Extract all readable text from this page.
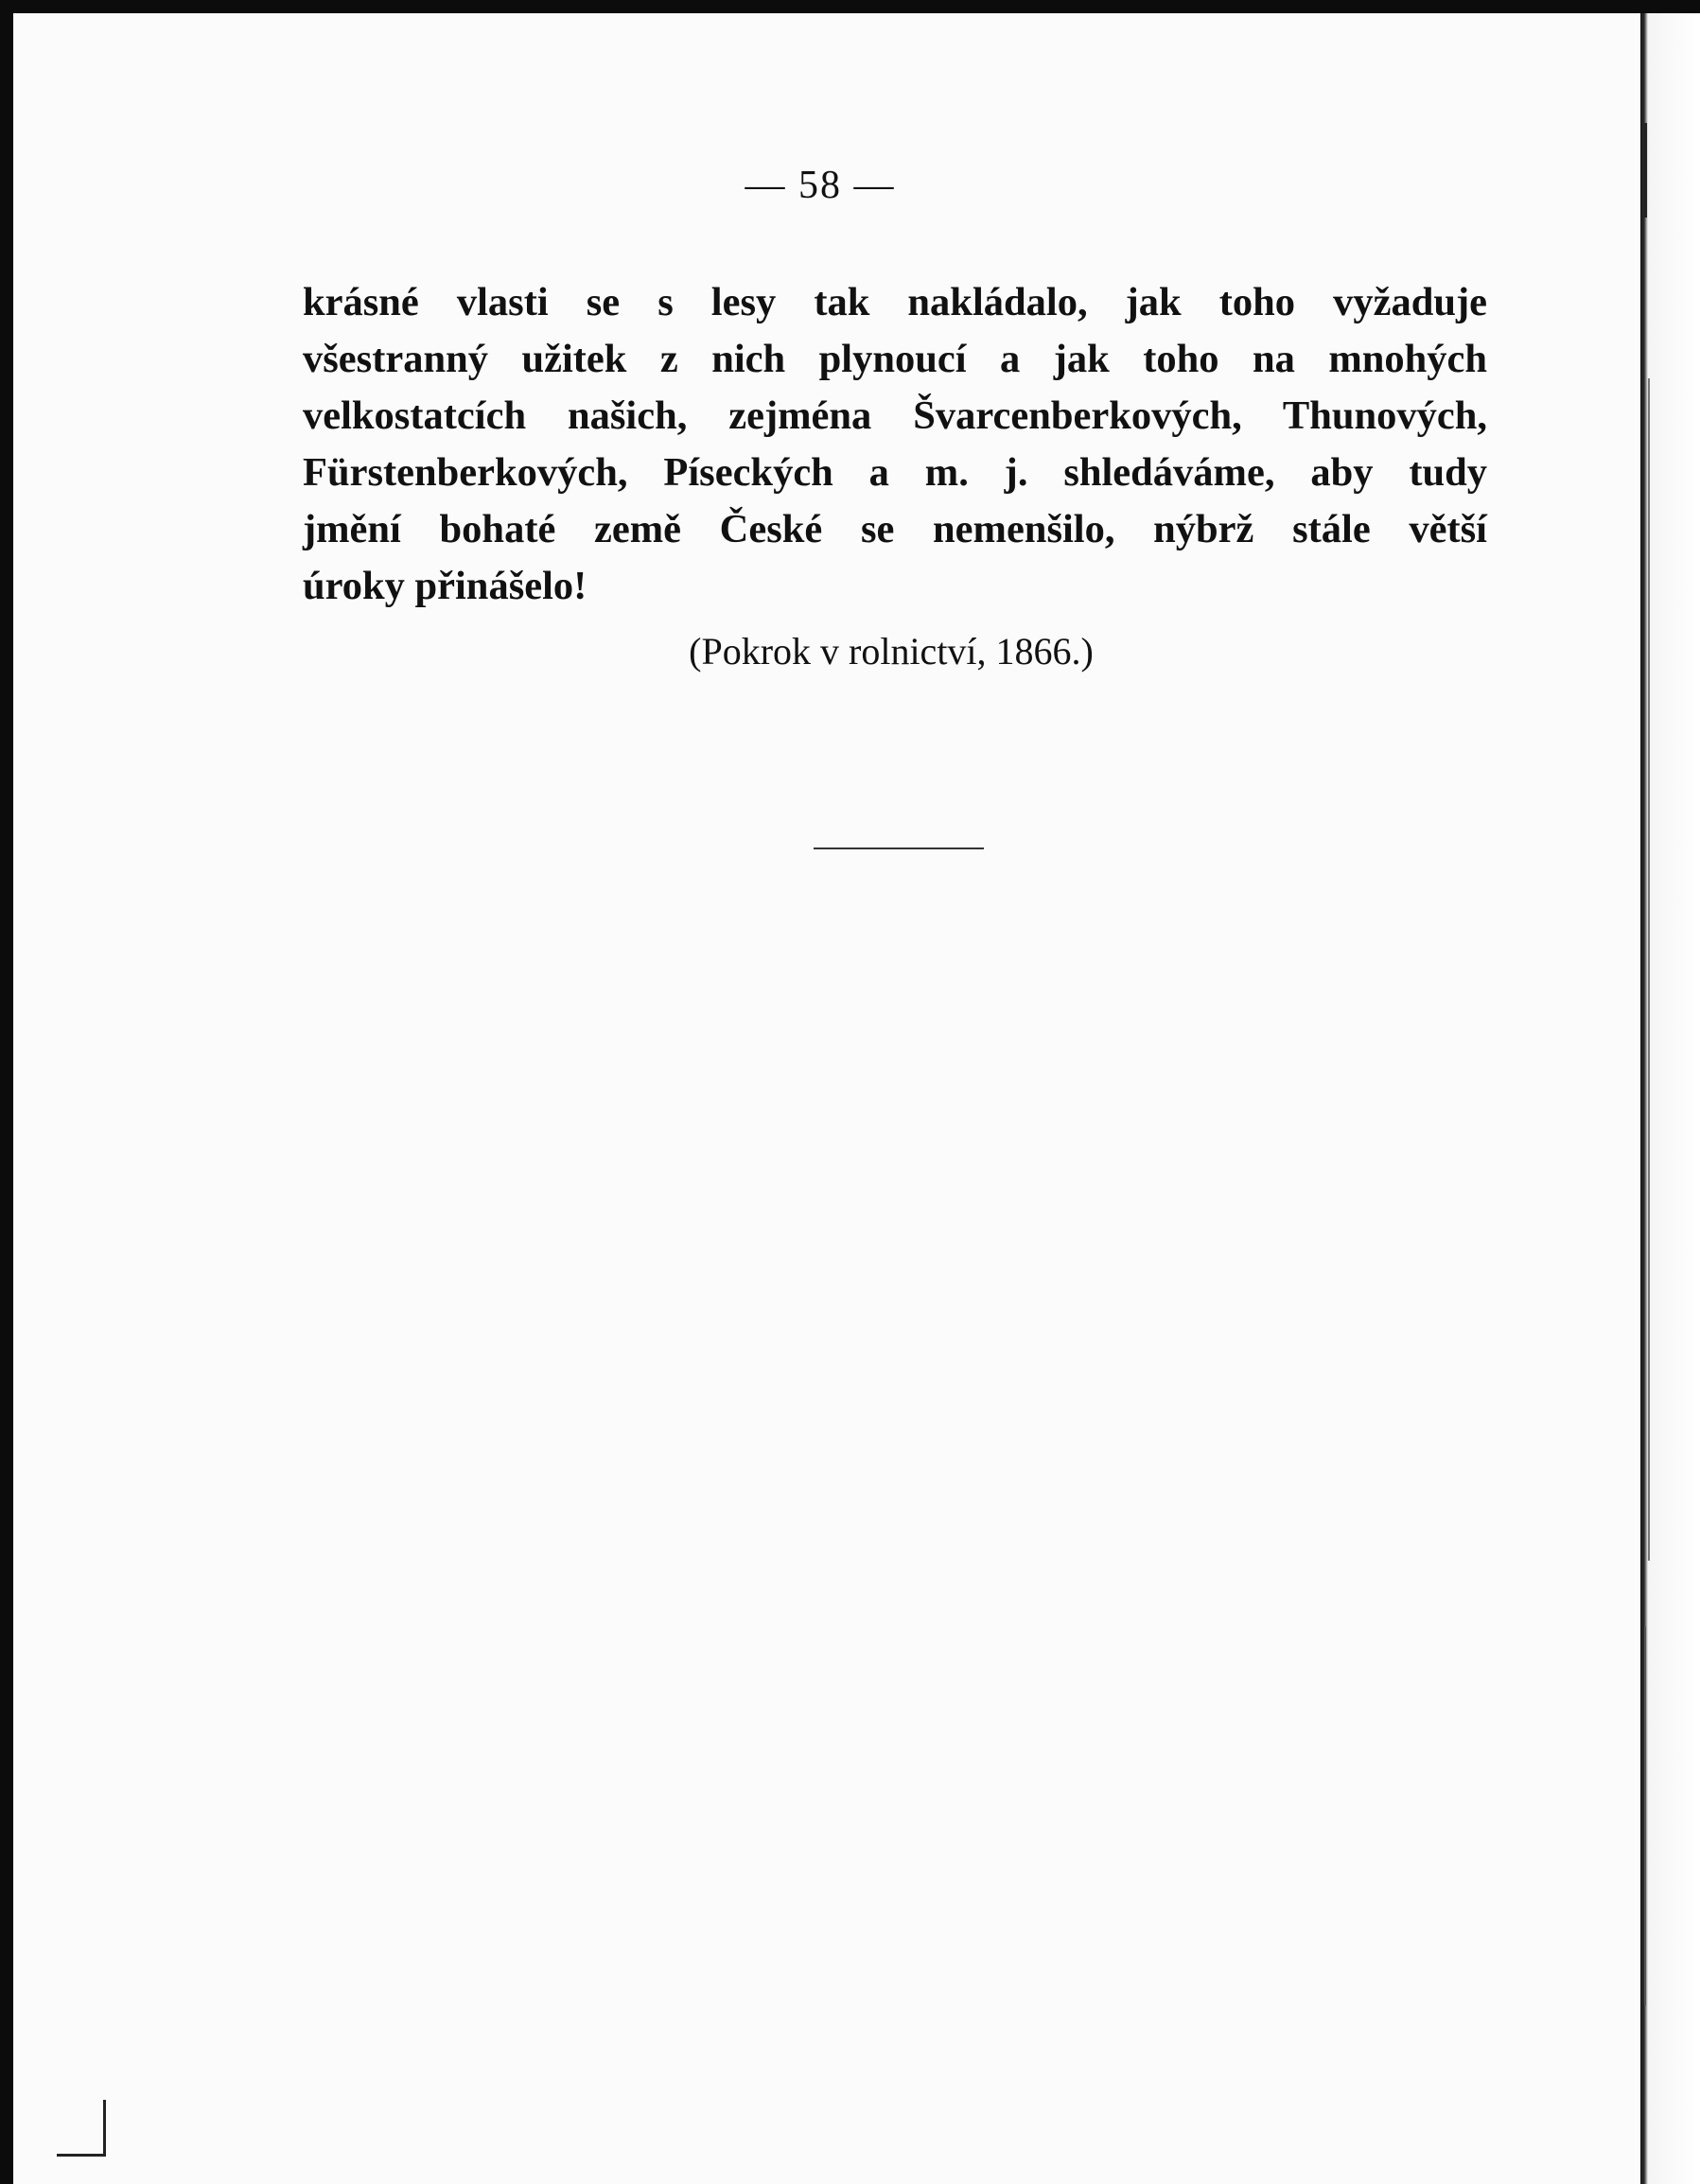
— 58 —
krásné vlasti se s lesy tak nakládalo, jak toho vyžaduje
všestranný užitek z nich plynoucí a jak toho na mnohých
velkostatcích našich, zejména Švarcenberkových, Thunových,
Fürstenberkových, Píseckých a m. j. shledáváme, aby tudy
jmění bohaté země České se nemenšilo, nýbrž stále větší
úroky přinášelo!
(Pokrok v rolnictví, 1866.)
